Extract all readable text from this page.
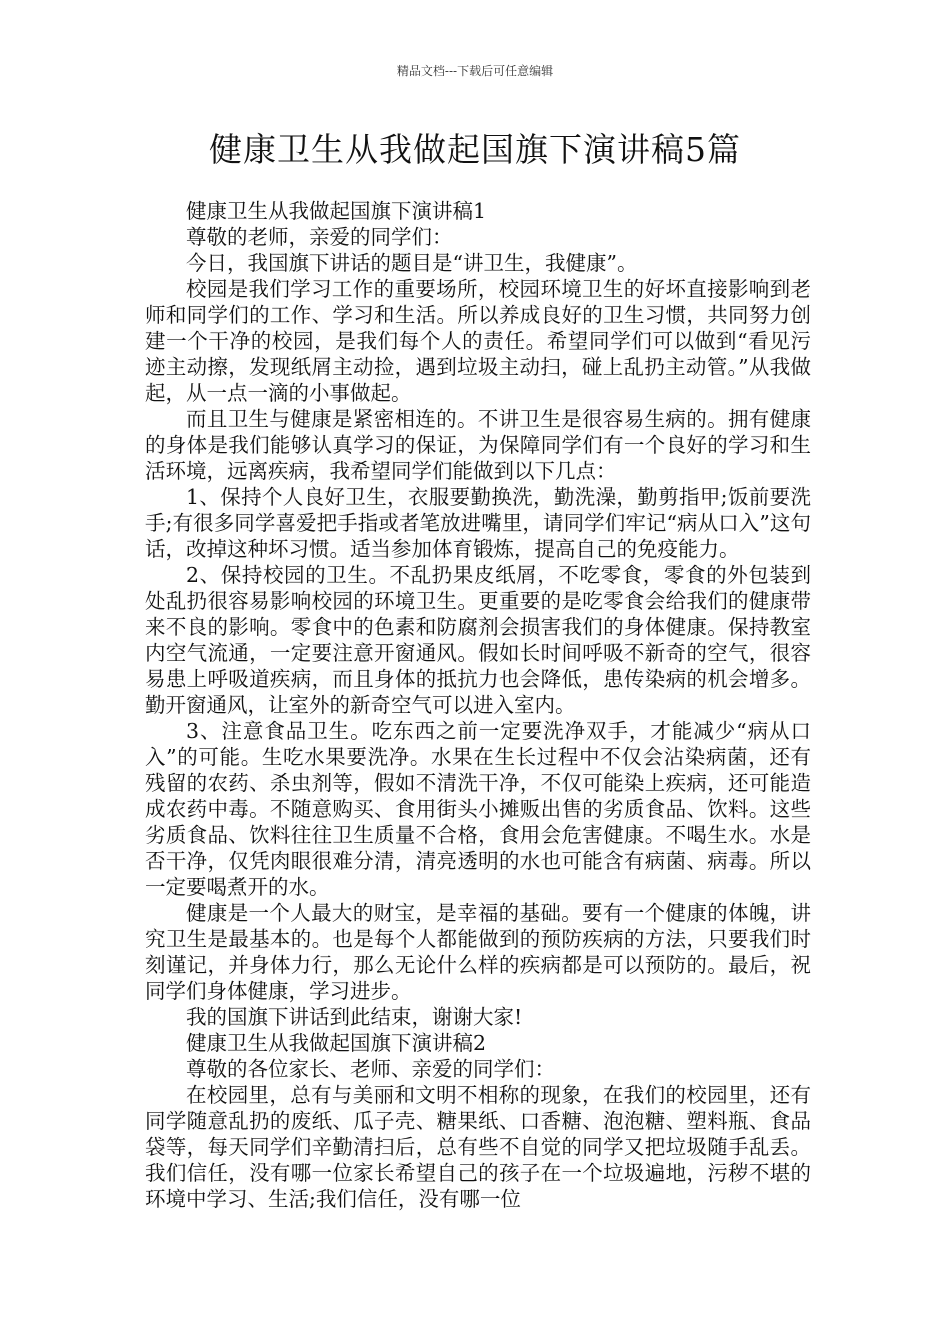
精品文档---下载后可任意编辑
健康卫生从我做起国旗下演讲稿5篇

健康卫生从我做起国旗下演讲稿1

尊敬的老师，亲爱的同学们：

今日，我国旗下讲话的题目是“讲卫生，我健康”。

校园是我们学习工作的重要场所，校园环境卫生的好坏直接影响到老师和同学们的工作、学习和生活。所以养成良好的卫生习惯，共同努力创建一个干净的校园，是我们每个人的责任。希望同学们可以做到“看见污迹主动擦，发现纸屑主动捡，遇到垃圾主动扫，碰上乱扔主动管。”从我做起，从一点一滴的小事做起。

而且卫生与健康是紧密相连的。不讲卫生是很容易生病的。拥有健康的身体是我们能够认真学习的保证，为保障同学们有一个良好的学习和生活环境，远离疾病，我希望同学们能做到以下几点：

1、保持个人良好卫生，衣服要勤换洗，勤洗澡，勤剪指甲;饭前要洗手;有很多同学喜爱把手指或者笔放进嘴里，请同学们牢记“病从口入”这句话，改掉这种坏习惯。适当参加体育锻炼，提高自己的免疫能力。

2、保持校园的卫生。不乱扔果皮纸屑，不吃零食，零食的外包装到处乱扔很容易影响校园的环境卫生。更重要的是吃零食会给我们的健康带来不良的影响。零食中的色素和防腐剂会损害我们的身体健康。保持教室内空气流通，一定要注意开窗通风。假如长时间呼吸不新奇的空气，很容易患上呼吸道疾病，而且身体的抵抗力也会降低，患传染病的机会增多。勤开窗通风，让室外的新奇空气可以进入室内。

3、注意食品卫生。吃东西之前一定要洗净双手，才能减少“病从口入”的可能。生吃水果要洗净。水果在生长过程中不仅会沾染病菌，还有残留的农药、杀虫剂等，假如不清洗干净，不仅可能染上疾病，还可能造成农药中毒。不随意购买、食用街头小摊贩出售的劣质食品、饮料。这些劣质食品、饮料往往卫生质量不合格，食用会危害健康。不喝生水。水是否干净，仅凭肉眼很难分清，清亮透明的水也可能含有病菌、病毒。所以一定要喝煮开的水。

健康是一个人最大的财宝，是幸福的基础。要有一个健康的体魄，讲究卫生是最基本的。也是每个人都能做到的预防疾病的方法，只要我们时刻谨记，并身体力行，那么无论什么样的疾病都是可以预防的。最后，祝同学们身体健康，学习进步。

我的国旗下讲话到此结束，谢谢大家!

健康卫生从我做起国旗下演讲稿2

尊敬的各位家长、老师、亲爱的同学们：

在校园里，总有与美丽和文明不相称的现象，在我们的校园里，还有同学随意乱扔的废纸、瓜子壳、糖果纸、口香糖、泡泡糖、塑料瓶、食品袋等，每天同学们辛勤清扫后，总有些不自觉的同学又把垃圾随手乱丢。我们信任，没有哪一位家长希望自己的孩子在一个垃圾遍地，污秽不堪的环境中学习、生活;我们信任，没有哪一位
